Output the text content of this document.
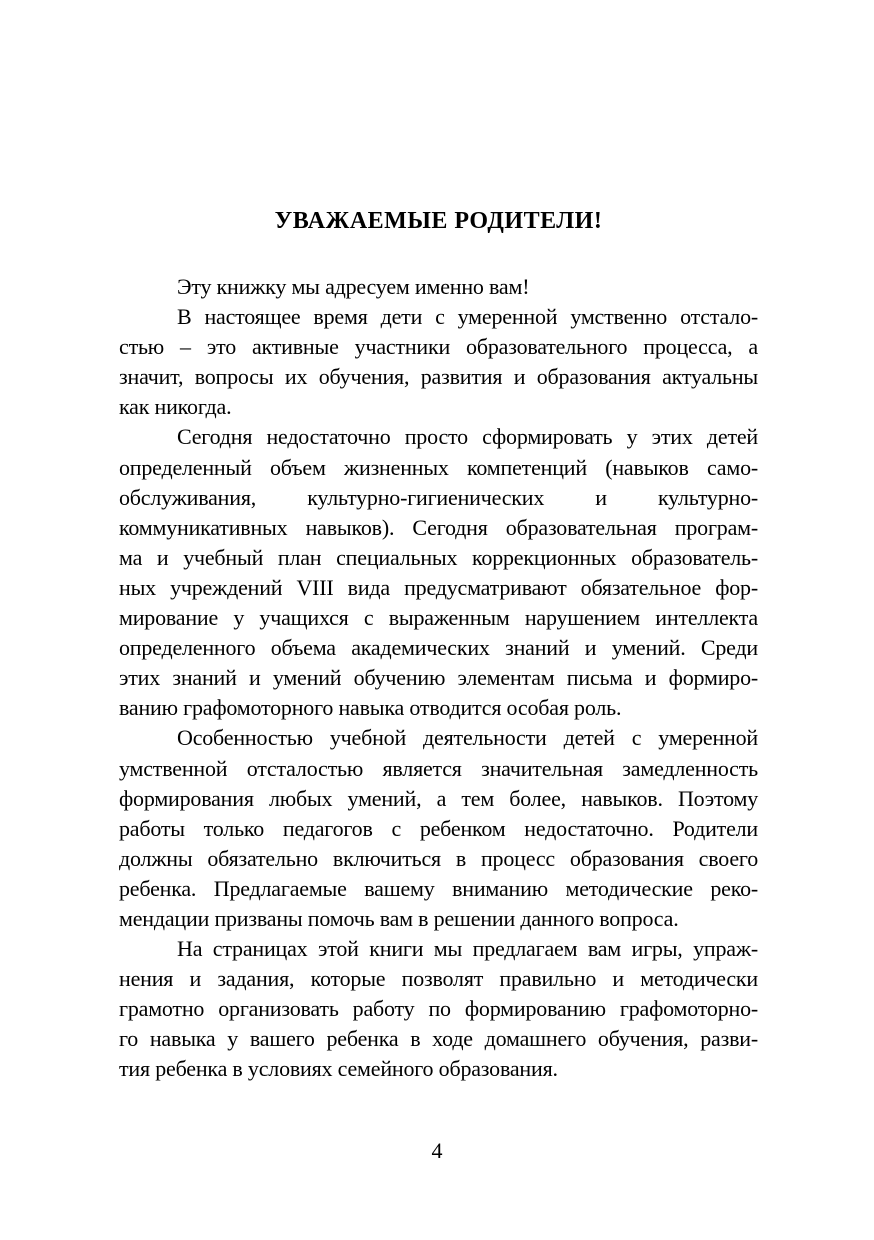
УВАЖАЕМЫЕ РОДИТЕЛИ!
Эту книжку мы адресуем именно вам!
В настоящее время дети с умеренной умственно отстало-
стью – это активные участники образовательного процесса, а
значит, вопросы их обучения, развития и образования актуальны
как никогда.
Сегодня недостаточно просто сформировать у этих детей
определенный объем жизненных компетенций (навыков само-
обслуживания, культурно-гигиенических и культурно-
коммуникативных навыков). Сегодня образовательная програм-
ма и учебный план специальных коррекционных образователь-
ных учреждений VIII вида предусматривают обязательное фор-
мирование у учащихся с выраженным нарушением интеллекта
определенного объема академических знаний и умений. Среди
этих знаний и умений обучению элементам письма и формиро-
ванию графомоторного навыка отводится особая роль.
Особенностью учебной деятельности детей с умеренной
умственной отсталостью является значительная замедленность
формирования любых умений, а тем более, навыков. Поэтому
работы только педагогов с ребенком недостаточно. Родители
должны обязательно включиться в процесс образования своего
ребенка. Предлагаемые вашему вниманию методические реко-
мендации призваны помочь вам в решении данного вопроса.
На страницах этой книги мы предлагаем вам игры, упраж-
нения и задания, которые позволят правильно и методически
грамотно организовать работу по формированию графомоторно-
го навыка у вашего ребенка в ходе домашнего обучения, разви-
тия ребенка в условиях семейного образования.
4
